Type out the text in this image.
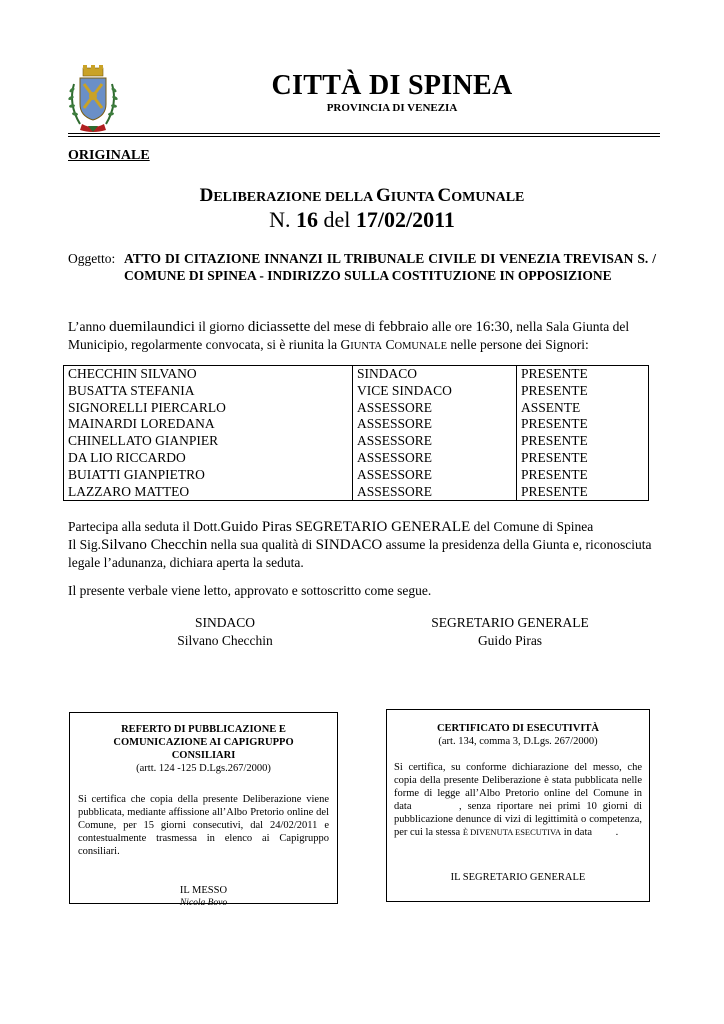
CITTÀ DI SPINEA
PROVINCIA DI VENEZIA
ORIGINALE
DELIBERAZIONE DELLA GIUNTA COMUNALE
N. 16 del 17/02/2011
Oggetto: ATTO DI CITAZIONE INNANZI IL TRIBUNALE CIVILE DI VENEZIA TREVISAN S. / COMUNE DI SPINEA - INDIRIZZO SULLA COSTITUZIONE IN OPPOSIZIONE
L’anno duemilaundici il giorno diciassette del mese di febbraio alle ore 16:30, nella Sala Giunta del Municipio, regolarmente convocata, si è riunita la GIUNTA COMUNALE nelle persone dei Signori:
CHECCHIN SILVANO	SINDACO	PRESENTE
BUSATTA STEFANIA	VICE SINDACO	PRESENTE
SIGNORELLI PIERCARLO	ASSESSORE	ASSENTE
MAINARDI LOREDANA	ASSESSORE	PRESENTE
CHINELLATO GIANPIER	ASSESSORE	PRESENTE
DA LIO RICCARDO	ASSESSORE	PRESENTE
BUIATTI GIANPIETRO	ASSESSORE	PRESENTE
LAZZARO MATTEO	ASSESSORE	PRESENTE
Partecipa alla seduta il Dott.Guido Piras SEGRETARIO GENERALE del Comune di Spinea
Il Sig.Silvano Checchin nella sua qualità di SINDACO assume la presidenza della Giunta e, riconosciuta legale l’adunanza, dichiara aperta la seduta.
Il presente verbale viene letto, approvato e sottoscritto come segue.
SINDACO
Silvano Checchin
SEGRETARIO GENERALE
Guido Piras
REFERTO DI PUBBLICAZIONE E COMUNICAZIONE AI CAPIGRUPPO CONSILIARI
(artt. 124 -125 D.Lgs.267/2000)
Si certifica che copia della presente Deliberazione viene pubblicata, mediante affissione all’Albo Pretorio online del Comune, per 15 giorni consecutivi, dal 24/02/2011 e contestualmente trasmessa in elenco ai Capigruppo consiliari.
IL MESSO
Nicola Bovo
CERTIFICATO DI ESECUTIVITÀ
(art. 134, comma 3, D.Lgs. 267/2000)
Si certifica, su conforme dichiarazione del messo, che copia della presente Deliberazione è stata pubblicata nelle forme di legge all’Albo Pretorio online del Comune in data        , senza riportare nei primi 10 giorni di pubblicazione denunce di vizi di legittimità o competenza, per cui la stessa È DIVENUTA ESECUTIVA in data         .
IL SEGRETARIO GENERALE
